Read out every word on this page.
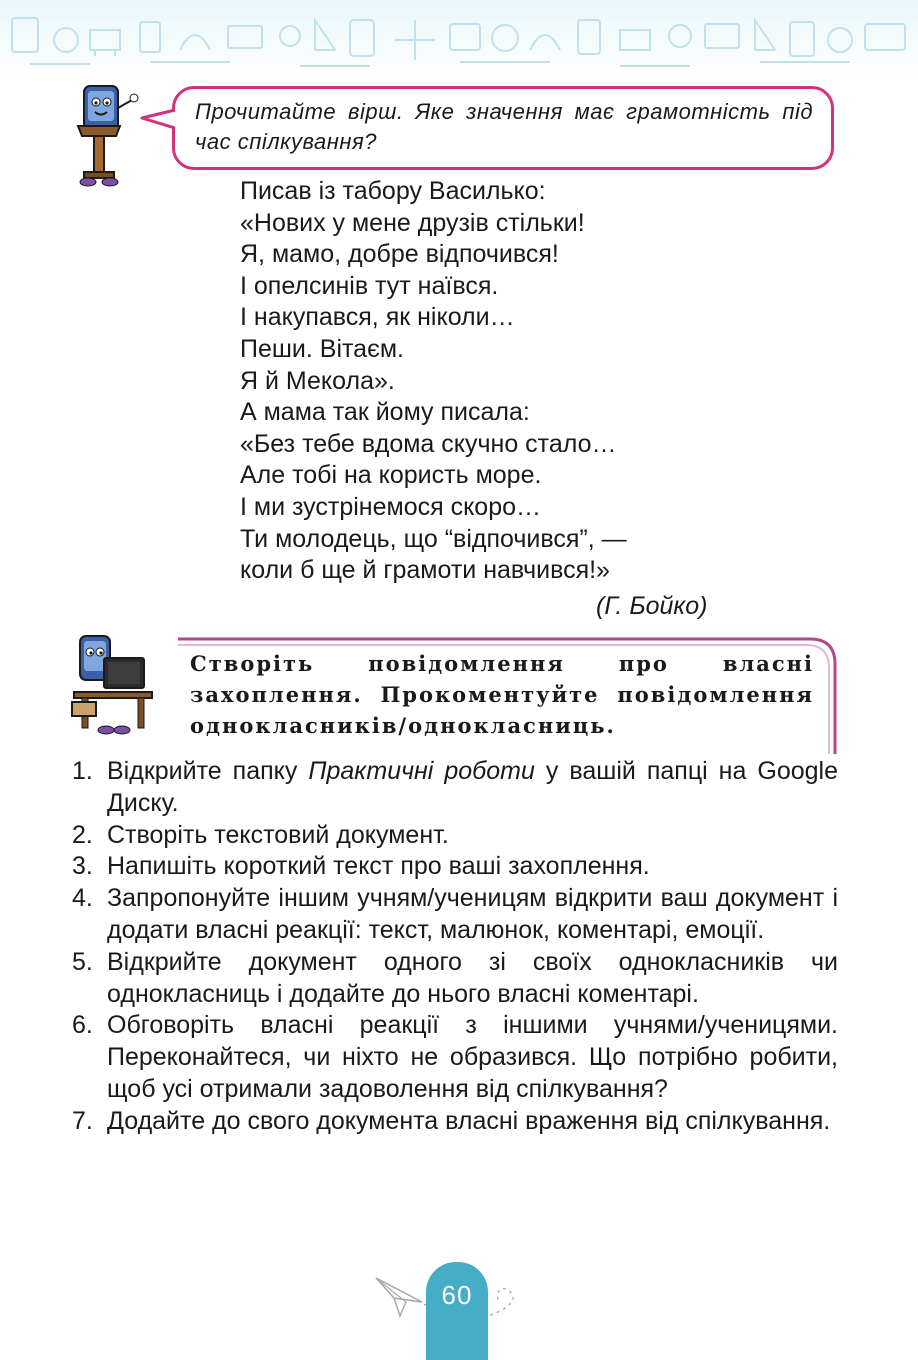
Прочитайте вірш. Яке значення має грамотність під час спілкування?
Писав із табору Василько:
«Нових у мене друзів стільки!
Я, мамо, добре відпочився!
І опелсинів тут наївся.
І накупався, як ніколи…
Пеши. Вітаєм.
Я й Мекола».
А мама так йому писала:
«Без тебе вдома скучно стало…
Але тобі на користь море.
І ми зустрінемося скоро…
Ти молодець, що “відпочився”, —
коли б ще й грамоти навчився!»
(Г. Бойко)
Створіть повідомлення про власні захоплення. Прокоментуйте повідомлення однокласників/однокласниць.
1. Відкрийте папку Практичні роботи у вашій папці на Google Диску.
2. Створіть текстовий документ.
3. Напишіть короткий текст про ваші захоплення.
4. Запропонуйте іншим учням/ученицям відкрити ваш документ і додати власні реакції: текст, малюнок, коментарі, емоції.
5. Відкрийте документ одного зі своїх однокласників чи однокласниць і додайте до нього власні коментарі.
6. Обговоріть власні реакції з іншими учнями/ученицями. Переконайтеся, чи ніхто не образився. Що потрібно робити, щоб усі отримали задоволення від спілкування?
7. Додайте до свого документа власні враження від спілкування.
60
